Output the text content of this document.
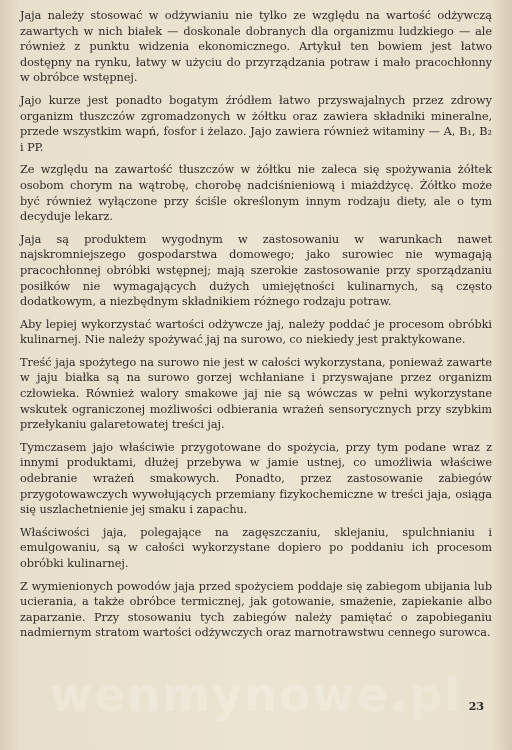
Jaja należy stosować w odżywianiu nie tylko ze względu na wartość odżywczą zawartych w nich białek — doskonale dobranych dla organizmu ludzkiego — ale również z punktu widzenia ekonomicznego. Artykuł ten bowiem jest łatwo dostępny na rynku, łatwy w użyciu do przyrządzania potraw i mało pracochłonny w obróbce wstępnej.

Jajo kurze jest ponadto bogatym źródłem łatwo przyswajalnych przez zdrowy organizm tłuszczów zgromadzonych w żółtku oraz zawiera składniki mineralne, przede wszystkim wapń, fosfor i żelazo. Jajo zawiera również witaminy — A, B₁, B₂ i PP.

Ze względu na zawartość tłuszczów w żółtku nie zaleca się spożywania żółtek osobom chorym na wątrobę, chorobę nadciśnieniową i miażdżycę. Żółtko może być również wyłączone przy ściśle określonym innym rodzaju diety, ale o tym decyduje lekarz.

Jaja są produktem wygodnym w zastosowaniu w warunkach nawet najskromniejszego gospodarstwa domowego; jako surowiec nie wymagają pracochłonnej obróbki wstępnej; mają szerokie zastosowanie przy sporządzaniu posiłków nie wymagających dużych umiejętności kulinarnych, są często dodatkowym, a niezbędnym składnikiem różnego rodzaju potraw.

Aby lepiej wykorzystać wartości odżywcze jaj, należy poddać je procesom obróbki kulinarnej. Nie należy spożywać jaj na surowo, co niekiedy jest praktykowane.

Treść jaja spożytego na surowo nie jest w całości wykorzystana, ponieważ zawarte w jaju białka są na surowo gorzej wchłaniane i przyswajane przez organizm człowieka. Również walory smakowe jaj nie są wówczas w pełni wykorzystane wskutek ograniczonej możliwości odbierania wrażeń sensorycznych przy szybkim przełykaniu galaretowatej treści jaj.

Tymczasem jajo właściwie przygotowane do spożycia, przy tym podane wraz z innymi produktami, dłużej przebywa w jamie ustnej, co umożliwia właściwe odebranie wrażeń smakowych. Ponadto, przez zastosowanie zabiegów przygotowawczych wywołujących przemiany fizykochemiczne w treści jaja, osiąga się uszlachetnienie jej smaku i zapachu.

Właściwości jaja, polegające na zagęszczaniu, sklejaniu, spulchnianiu i emulgowaniu, są w całości wykorzystane dopiero po poddaniu ich procesom obróbki kulinarnej.

Z wymienionych powodów jaja przed spożyciem poddaje się zabiegom ubijania lub ucierania, a także obróbce termicznej, jak gotowanie, smażenie, zapiekanie albo zaparzanie. Przy stosowaniu tych zabiegów należy pamiętać o zapobieganiu nadmiernym stratom wartości odżywczych oraz marnotrawstwu cennego surowca.

wenmynowe.pl 23
